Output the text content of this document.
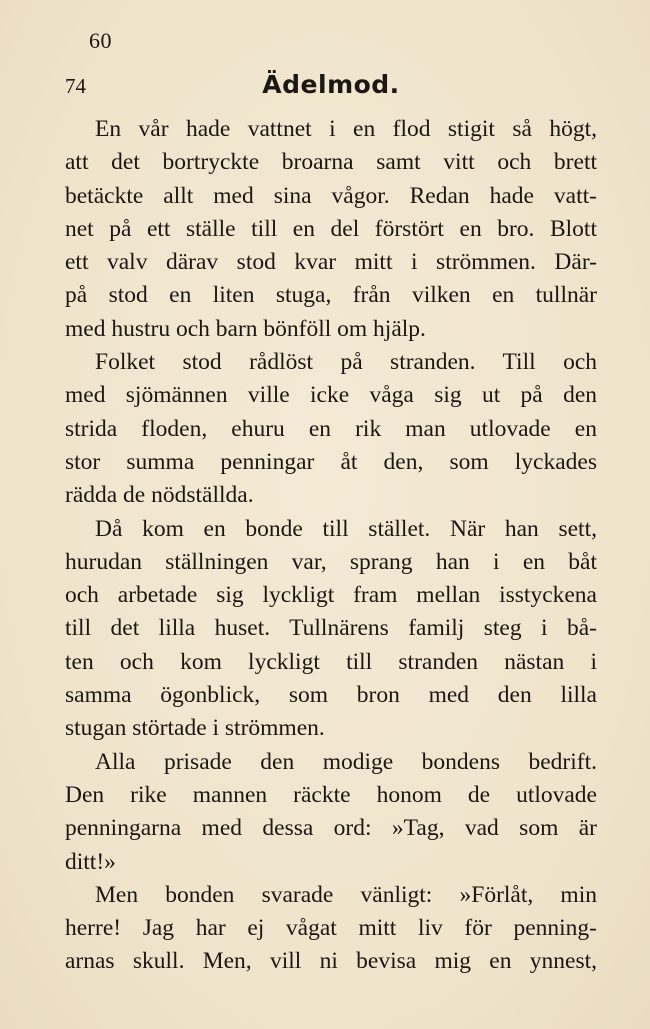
60
74	Ädelmod.
En vår hade vattnet i en flod stigit så högt,
att det bortryckte broarna samt vitt och brett
betäckte allt med sina vågor. Redan hade vatt-
net på ett ställe till en del förstört en bro. Blott
ett valv därav stod kvar mitt i strömmen. Där-
på stod en liten stuga, från vilken en tullnär
med hustru och barn bönföll om hjälp.
Folket stod rådlöst på stranden. Till och
med sjömännen ville icke våga sig ut på den
strida floden, ehuru en rik man utlovade en
stor summa penningar åt den, som lyckades
rädda de nödställda.
Då kom en bonde till stället. När han sett,
hurudan ställningen var, sprang han i en båt
och arbetade sig lyckligt fram mellan isstyckena
till det lilla huset. Tullnärens familj steg i bå-
ten och kom lyckligt till stranden nästan i
samma ögonblick, som bron med den lilla
stugan störtade i strömmen.
Alla prisade den modige bondens bedrift.
Den rike mannen räckte honom de utlovade
penningarna med dessa ord: »Tag, vad som är
ditt!»
Men bonden svarade vänligt: »Förlåt, min
herre! Jag har ej vågat mitt liv för penning-
arnas skull. Men, vill ni bevisa mig en ynnest,
